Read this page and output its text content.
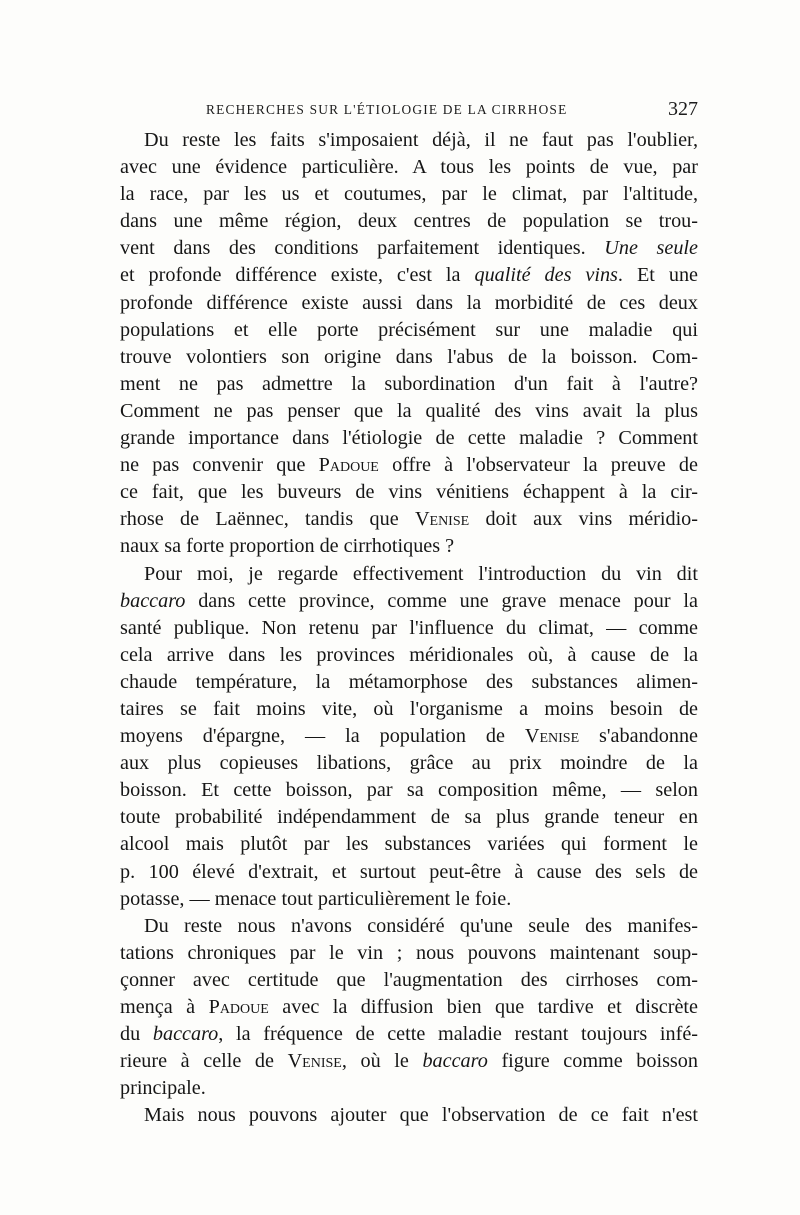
RECHERCHES SUR L'ÉTIOLOGIE DE LA CIRRHOSE	327
Du reste les faits s'imposaient déjà, il ne faut pas l'oublier,
avec une évidence particulière. A tous les points de vue, par
la race, par les us et coutumes, par le climat, par l'altitude,
dans une même région, deux centres de population se trou-
vent dans des conditions parfaitement identiques. Une seule
et profonde différence existe, c'est la qualité des vins. Et une
profonde différence existe aussi dans la morbidité de ces deux
populations et elle porte précisément sur une maladie qui
trouve volontiers son origine dans l'abus de la boisson. Com-
ment ne pas admettre la subordination d'un fait à l'autre?
Comment ne pas penser que la qualité des vins avait la plus
grande importance dans l'étiologie de cette maladie ? Comment
ne pas convenir que Padoue offre à l'observateur la preuve de
ce fait, que les buveurs de vins vénitiens échappent à la cir-
rhose de Laënnec, tandis que Venise doit aux vins méridio-
naux sa forte proportion de cirrhotiques ?
Pour moi, je regarde effectivement l'introduction du vin dit
baccaro dans cette province, comme une grave menace pour la
santé publique. Non retenu par l'influence du climat, — comme
cela arrive dans les provinces méridionales où, à cause de la
chaude température, la métamorphose des substances alimen-
taires se fait moins vite, où l'organisme a moins besoin de
moyens d'épargne, — la population de Venise s'abandonne
aux plus copieuses libations, grâce au prix moindre de la
boisson. Et cette boisson, par sa composition même, — selon
toute probabilité indépendamment de sa plus grande teneur en
alcool mais plutôt par les substances variées qui forment le
p. 100 élevé d'extrait, et surtout peut-être à cause des sels de
potasse, — menace tout particulièrement le foie.
Du reste nous n'avons considéré qu'une seule des manifes-
tations chroniques par le vin ; nous pouvons maintenant soup-
çonner avec certitude que l'augmentation des cirrhoses com-
mença à Padoue avec la diffusion bien que tardive et discrète
du baccaro, la fréquence de cette maladie restant toujours infé-
rieure à celle de Venise, où le baccaro figure comme boisson
principale.
Mais nous pouvons ajouter que l'observation de ce fait n'est
